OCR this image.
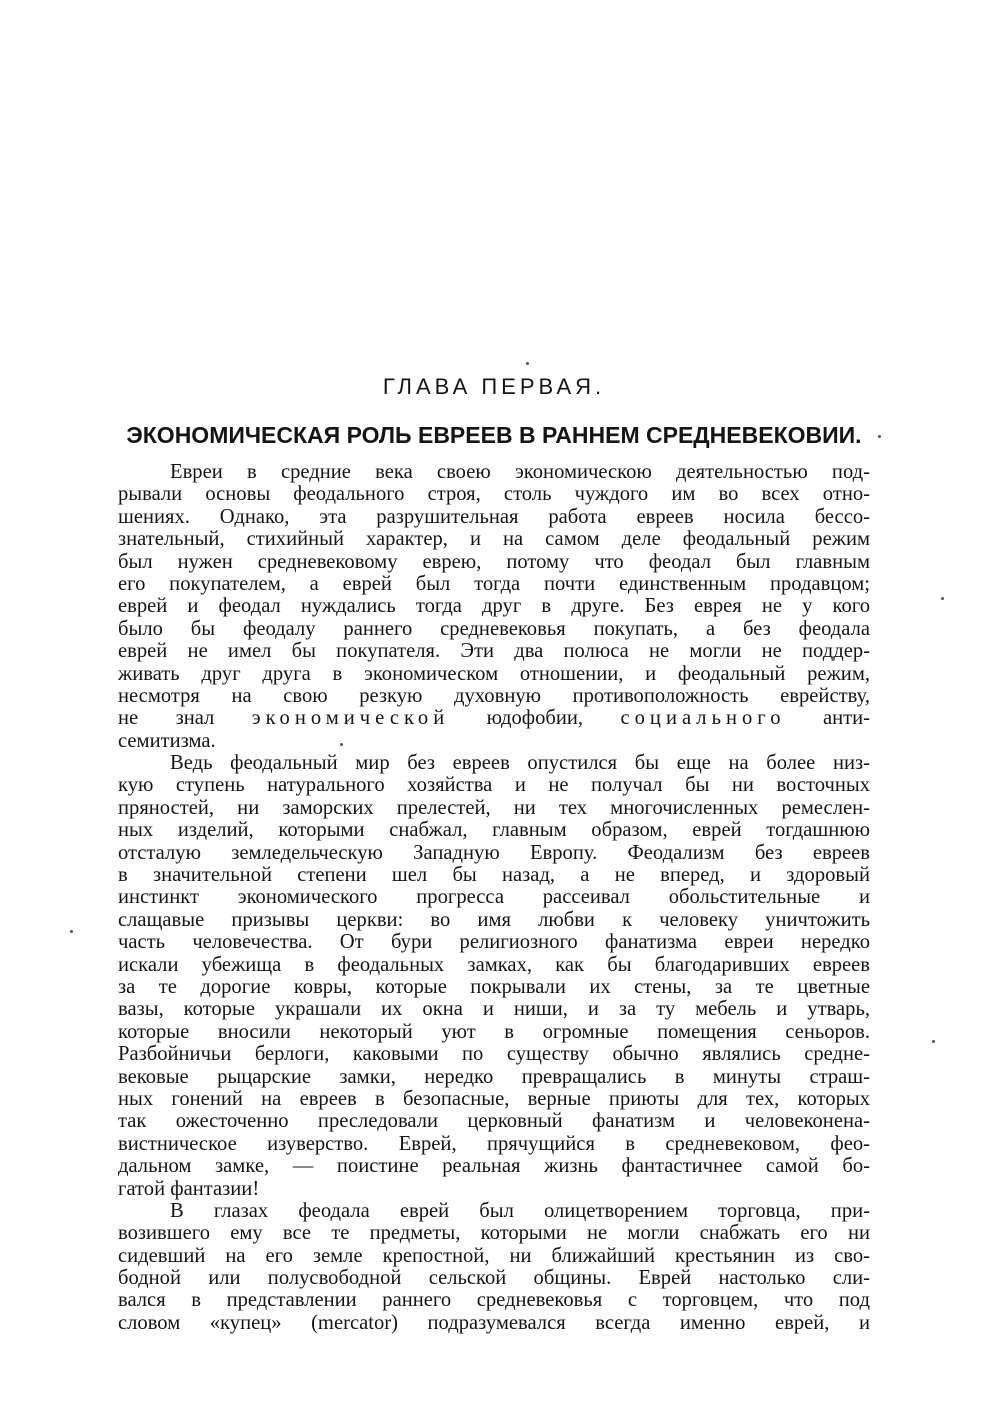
ГЛАВА ПЕРВАЯ.
ЭКОНОМИЧЕСКАЯ РОЛЬ ЕВРЕЕВ В РАННЕМ СРЕДНЕВЕКОВИИ.
Евреи в средние века своею экономическою деятельностью под-
рывали основы феодального строя, столь чуждого им во всех отно-
шениях. Однако, эта разрушительная работа евреев носила бессо-
знательный, стихийный характер, и на самом деле феодальный режим
был нужен средневековому еврею, потому что феодал был главным
его покупателем, а еврей был тогда почти единственным продавцом;
еврей и феодал нуждались тогда друг в друге. Без еврея не у кого
было бы феодалу раннего средневековья покупать, а без феодала
еврей не имел бы покупателя. Эти два полюса не могли не поддер-
живать друг друга в экономическом отношении, и феодальный режим,
несмотря на свою резкую духовную противоположность еврейству,
не знал экономической юдофобии, социального анти-
семитизма.
Ведь феодальный мир без евреев опустился бы еще на более низ-
кую ступень натурального хозяйства и не получал бы ни восточных
пряностей, ни заморских прелестей, ни тех многочисленных ремеслен-
ных изделий, которыми снабжал, главным образом, еврей тогдашнюю
отсталую земледельческую Западную Европу. Феодализм без евреев
в значительной степени шел бы назад, а не вперед, и здоровый
инстинкт экономического прогресса рассеивал обольстительные и
слащавые призывы церкви: во имя любви к человеку уничтожить
часть человечества. От бури религиозного фанатизма евреи нередко
искали убежища в феодальных замках, как бы благодаривших евреев
за те дорогие ковры, которые покрывали их стены, за те цветные
вазы, которые украшали их окна и ниши, и за ту мебель и утварь,
которые вносили некоторый уют в огромные помещения сеньоров.
Разбойничьи берлоги, каковыми по существу обычно являлись средне-
вековые рыцарские замки, нередко превращались в минуты страш-
ных гонений на евреев в безопасные, верные приюты для тех, которых
так ожесточенно преследовали церковный фанатизм и человеконена-
вистническое изуверство. Еврей, прячущийся в средневековом, фео-
дальном замке, — поистине реальная жизнь фантастичнее самой бо-
гатой фантазии!
В глазах феодала еврей был олицетворением торговца, при-
возившего ему все те предметы, которыми не могли снабжать его ни
сидевший на его земле крепостной, ни ближайший крестьянин из сво-
бодной или полусвободной сельской общины. Еврей настолько сли-
вался в представлении раннего средневековья с торговцем, что под
словом «купец» (mercator) подразумевался всегда именно еврей, и
